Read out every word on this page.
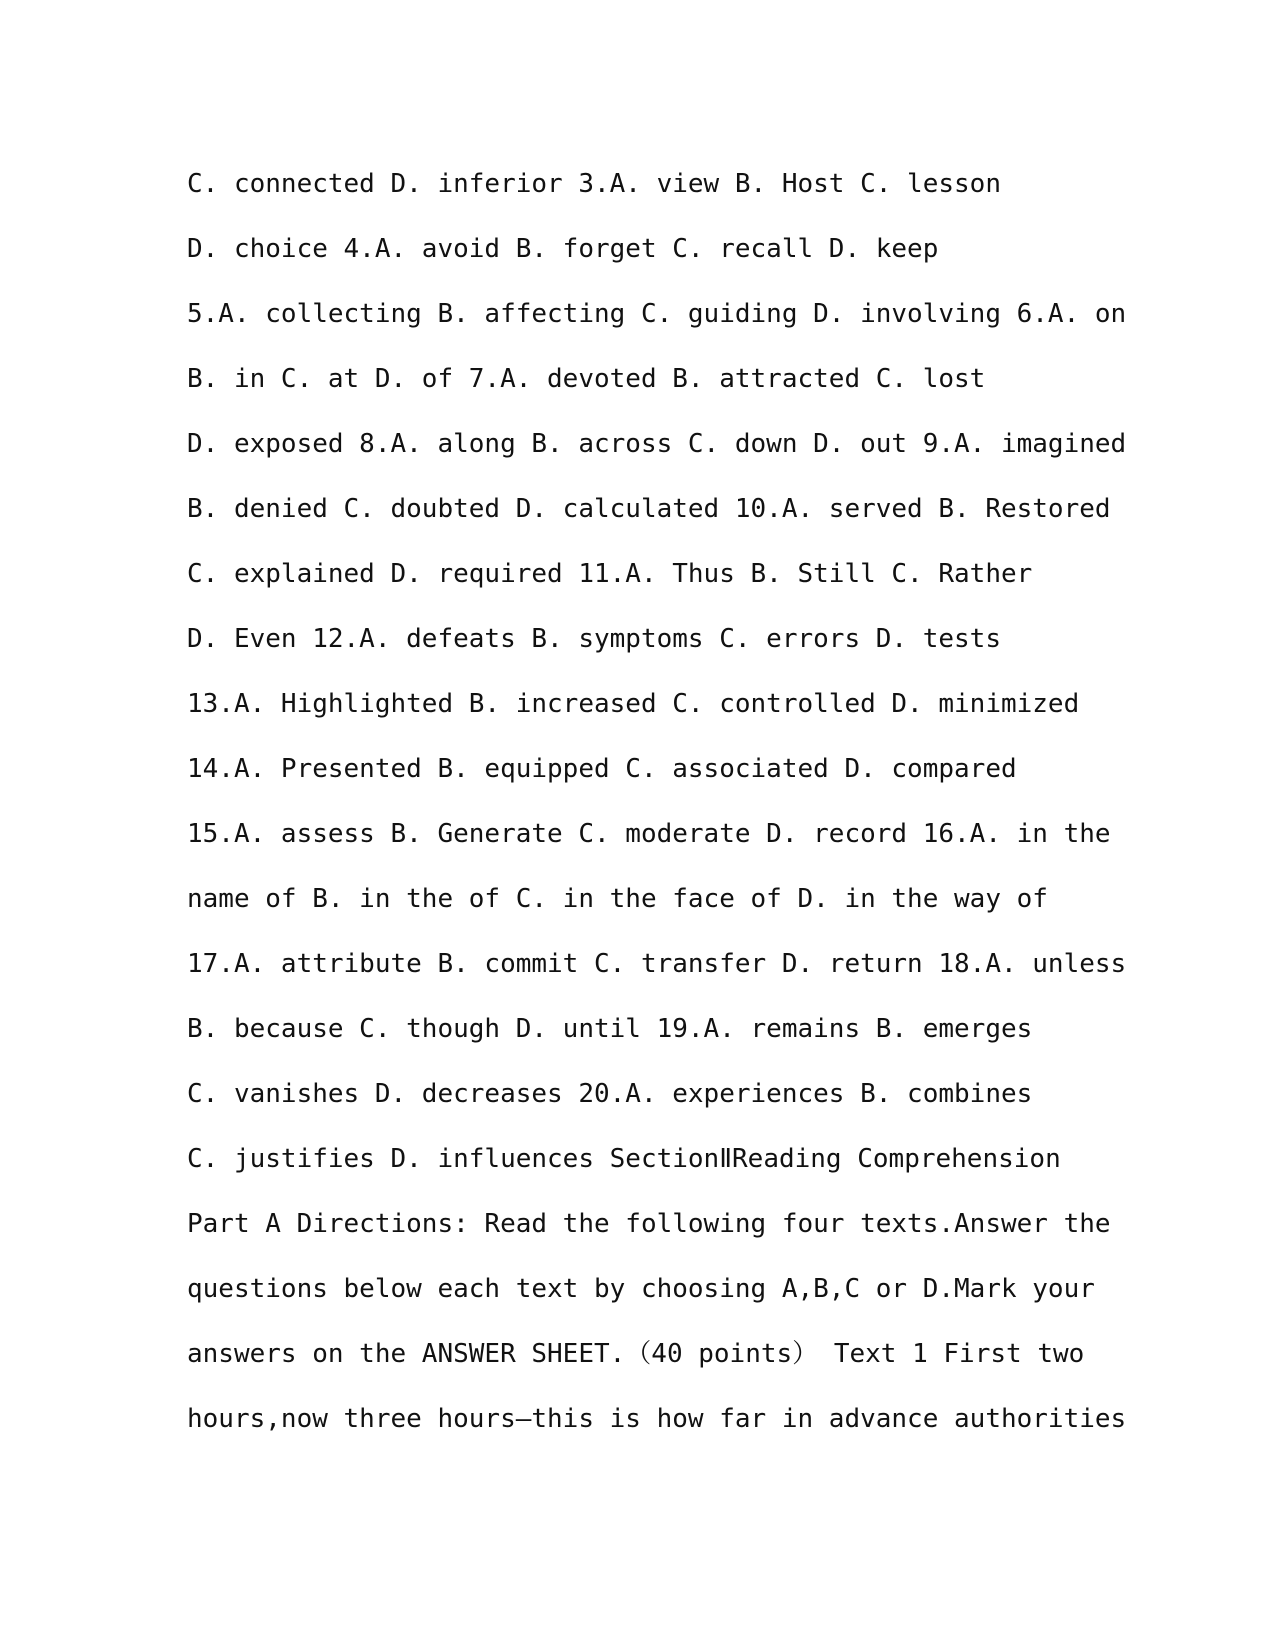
C. connected D. inferior 3.A. view B. Host C. lesson
D. choice 4.A. avoid B. forget C. recall D. keep
5.A. collecting B. affecting C. guiding D. involving 6.A. on
B. in C. at D. of 7.A. devoted B. attracted C. lost
D. exposed 8.A. along B. across C. down D. out 9.A. imagined
B. denied C. doubted D. calculated 10.A. served B. Restored
C. explained D. required 11.A. Thus B. Still C. Rather
D. Even 12.A. defeats B. symptoms C. errors D. tests
13.A. Highlighted B. increased C. controlled D. minimized
14.A. Presented B. equipped C. associated D. compared
15.A. assess B. Generate C. moderate D. record 16.A. in the
name of B. in the of C. in the face of D. in the way of
17.A. attribute B. commit C. transfer D. return 18.A. unless
B. because C. though D. until 19.A. remains B. emerges
C. vanishes D. decreases 20.A. experiences B. combines
C. justifies D. influences SectionⅡReading Comprehension
Part A Directions: Read the following four texts.Answer the
questions below each text by choosing A,B,C or D.Mark your
answers on the ANSWER SHEET.（40 points） Text 1 First two
hours,now three hours—this is how far in advance authorities
